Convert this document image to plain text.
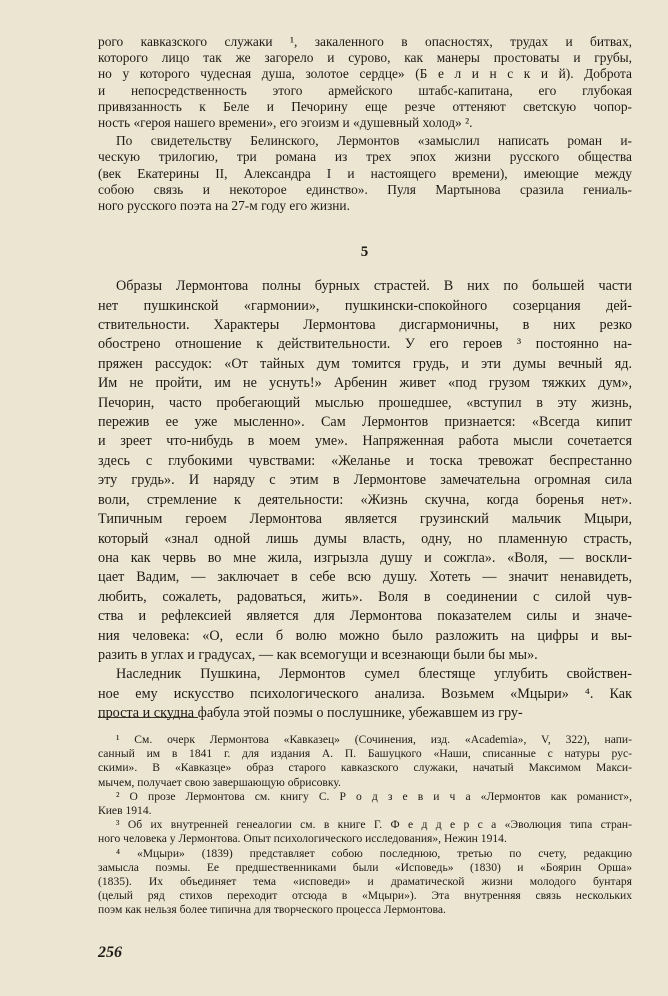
рого кавказского служаки ¹, закаленного в опасностях, трудах и битвах,
которого лицо так же загорело и сурово, как манеры простоваты и грубы,
но у которого чудесная душа, золотое сердце» (Б е л и н с к и й). Доброта
и непосредственность этого армейского штабс-капитана, его глубокая
привязанность к Беле и Печорину еще резче оттеняют светскую чопор-
ность «героя нашего времени», его эгоизм и «душевный холод» ².
По свидетельству Белинского, Лермонтов «замыслил написать роман и-
ческую трилогию, три романа из трех эпох жизни русского общества
(век Екатерины II, Александра I и настоящего времени), имеющие между
собою связь и некоторое единство». Пуля Мартынова сразила гениаль-
ного русского поэта на 27-м году его жизни.
5
Образы Лермонтова полны бурных страстей. В них по большей части
нет пушкинской «гармонии», пушкински-спокойного созерцания дей-
ствительности. Характеры Лермонтова дисгармоничны, в них резко
обострено отношение к действительности. У его героев ³ постоянно на-
пряжен рассудок: «От тайных дум томится грудь, и эти думы вечный яд.
Им не пройти, им не уснуть!» Арбенин живет «под грузом тяжких дум»,
Печорин, часто пробегающий мыслью прошедшее, «вступил в эту жизнь,
пережив ее уже мысленно». Сам Лермонтов признается: «Всегда кипит
и зреет что-нибудь в моем уме». Напряженная работа мысли сочетается
здесь с глубокими чувствами: «Желанье и тоска тревожат беспрестанно
эту грудь». И наряду с этим в Лермонтове замечательна огромная сила
воли, стремление к деятельности: «Жизнь скучна, когда боренья нет».
Типичным героем Лермонтова является грузинский мальчик Мцыри,
который «знал одной лишь думы власть, одну, но пламенную страсть,
она как червь во мне жила, изгрызла душу и сожгла». «Воля, — воскли-
цает Вадим, — заключает в себе всю душу. Хотеть — значит ненавидеть,
любить, сожалеть, радоваться, жить». Воля в соединении с силой чув-
ства и рефлексией является для Лермонтова показателем силы и значе-
ния человека: «О, если б волю можно было разложить на цифры и вы-
разить в углах и градусах, — как всемогущи и всезнающи были бы мы».
Наследник Пушкина, Лермонтов сумел блестяще углубить свойствен-
ное ему искусство психологического анализа. Возьмем «Мцыри» ⁴. Как
проста и скудна фабула этой поэмы о послушнике, убежавшем из гру-
¹ См. очерк Лермонтова «Кавказец» (Сочинения, изд. «Academia», V, 322), напи-
санный им в 1841 г. для издания А. П. Башуцкого «Наши, списанные с натуры рус-
скими». В «Кавказце» образ старого кавказского служаки, начатый Максимом Макси-
мычем, получает свою завершающую обрисовку.
² О прозе Лермонтова см. книгу С. Р о д з е в и ч а «Лермонтов как романист»,
Киев 1914.
³ Об их внутренней генеалогии см. в книге Г. Ф е д д е р с а «Эволюция типа стран-
ного человека у Лермонтова. Опыт психологического исследования», Нежин 1914.
⁴ «Мцыри» (1839) представляет собою последнюю, третью по счету, редакцию
замысла поэмы. Ее предшественниками были «Исповедь» (1830) и «Боярин Орша»
(1835). Их объединяет тема «исповеди» и драматической жизни молодого бунтаря
(целый ряд стихов переходит отсюда в «Мцыри»). Эта внутренняя связь нескольких
поэм как нельзя более типична для творческого процесса Лермонтова.
256
